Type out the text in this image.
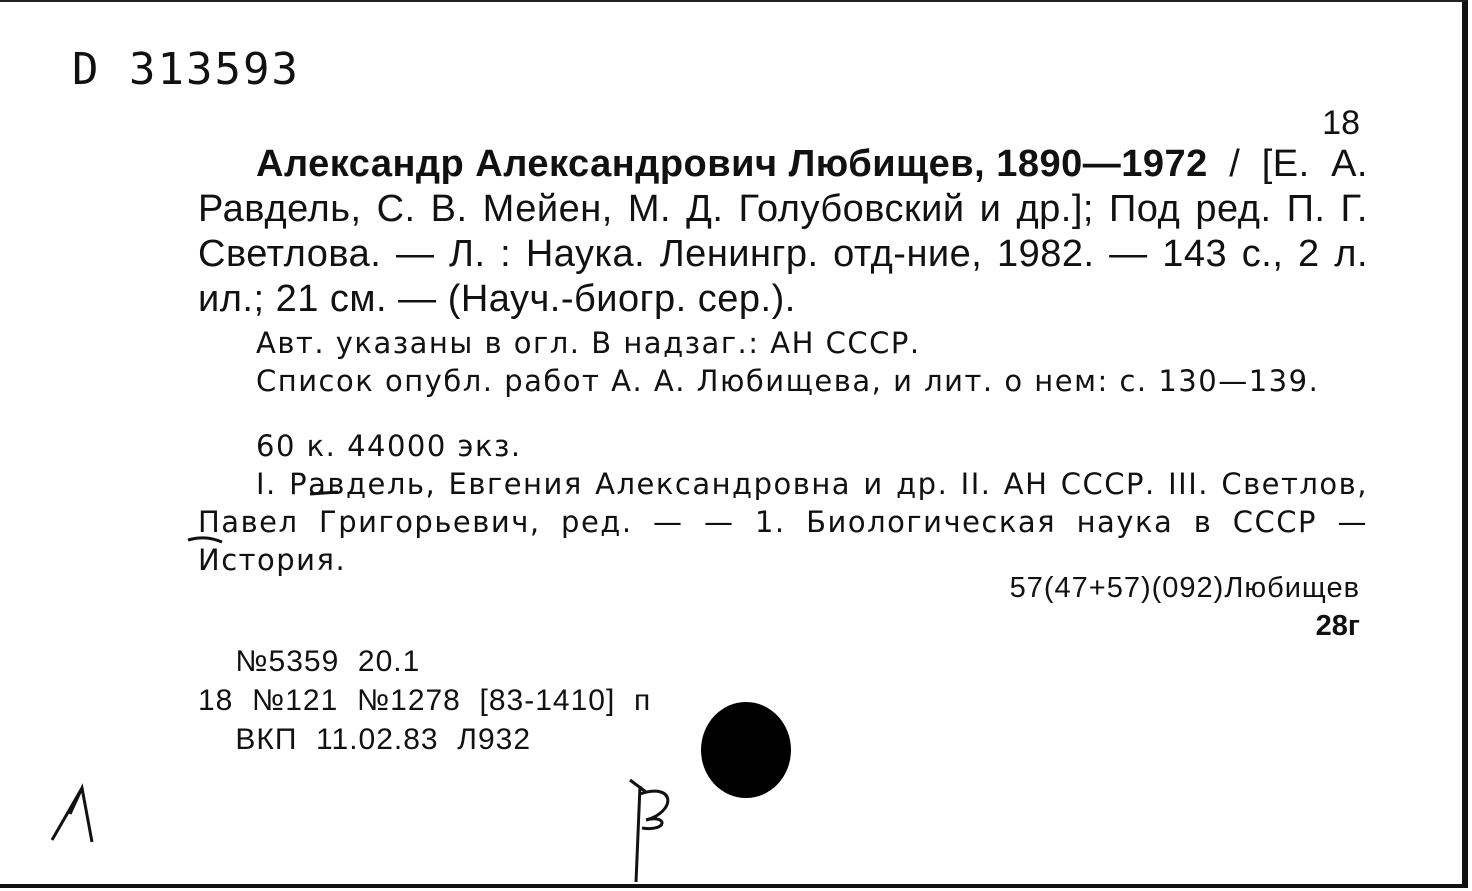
D 313593
18
Александр Александрович Любищев, 1890—1972 / [Е. А. Равдель, С. В. Мейен, М. Д. Голубовский и др.]; Под ред. П. Г. Светлова. — Л. : Наука. Ленингр. отд-ние, 1982. — 143 с., 2 л. ил.; 21 см. — (Науч.-биогр. сер.).
Авт. указаны в огл. В надзаг.: АН СССР.
Список опубл. работ А. А. Любищева, и лит. о нем: с. 130—139.
60 к. 44000 экз.
I. Равдель, Евгения Александровна и др. II. АН СССР. III. Светлов, Павел Григорьевич, ред. — — 1. Биологическая наука в СССР — История.
57(47+57)(092)Любищев
28г
№5359  20.1
18  №121  №1278  [83-1410]  п
ВКП  11.02.83  Л932
